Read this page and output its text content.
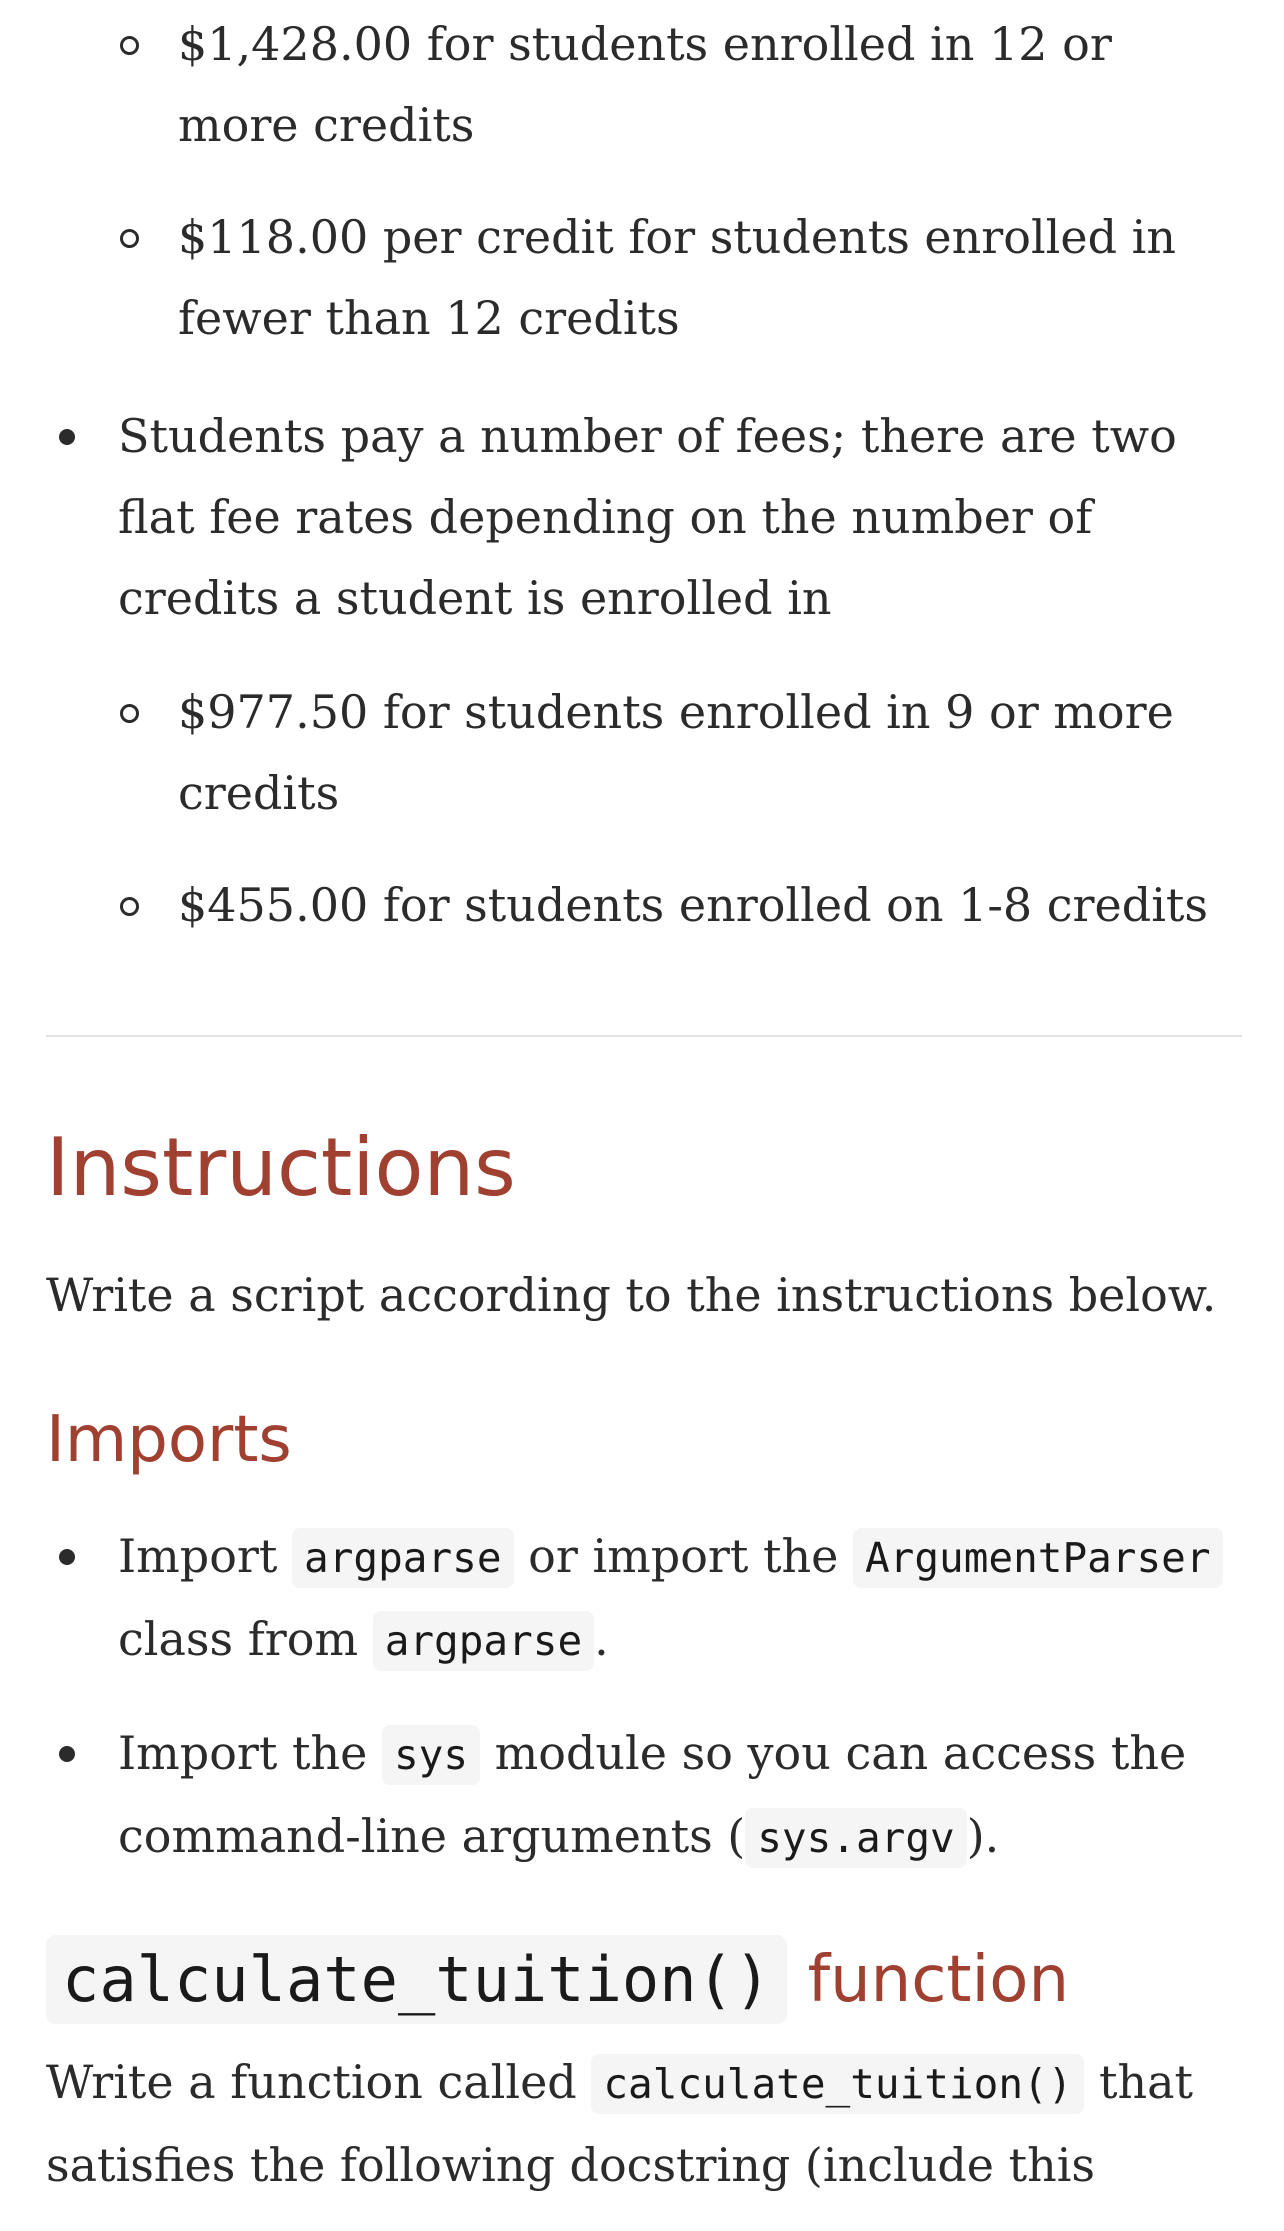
$1,428.00 for students enrolled in 12 or more credits
$118.00 per credit for students enrolled in fewer than 12 credits
Students pay a number of fees; there are two flat fee rates depending on the number of credits a student is enrolled in
$977.50 for students enrolled in 9 or more credits
$455.00 for students enrolled on 1-8 credits
Instructions

Write a script according to the instructions below.

Imports
Import argparse or import the ArgumentParser class from argparse .
Import the sys module so you can access the command-line arguments ( sys.argv ).
calculate_tuition() function

Write a function called calculate_tuition() that satisfies the following docstring (include this
